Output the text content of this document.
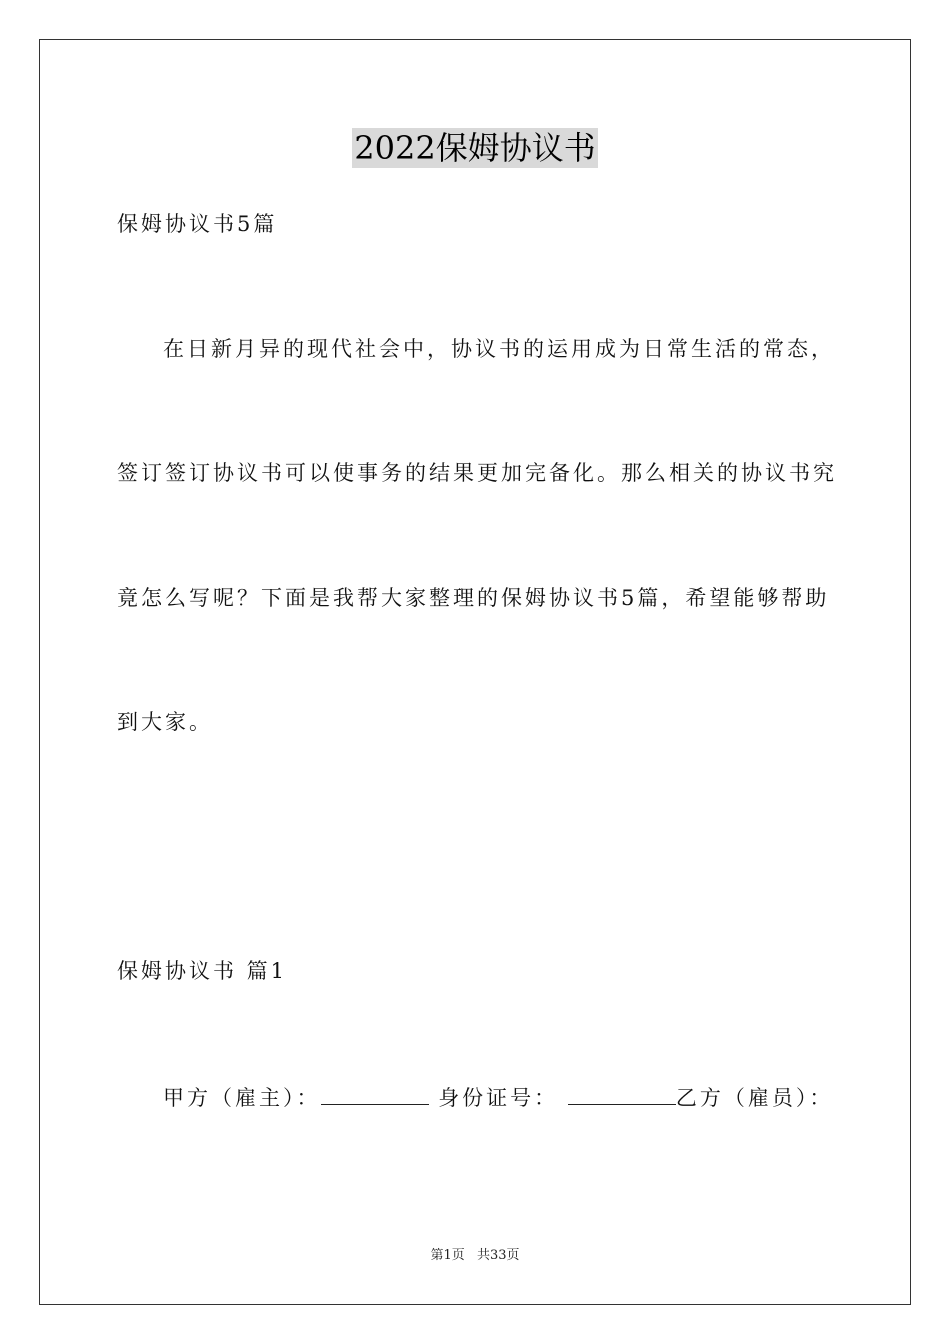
2022保姆协议书
保姆协议书5篇
在日新月异的现代社会中，协议书的运用成为日常生活的常态，
签订签订协议书可以使事务的结果更加完备化。那么相关的协议书究
竟怎么写呢？下面是我帮大家整理的保姆协议书5篇，希望能够帮助
到大家。
保姆协议书 篇1
甲方（雇主）：	身份证号：	乙方（雇员）：
第1页 共33页
